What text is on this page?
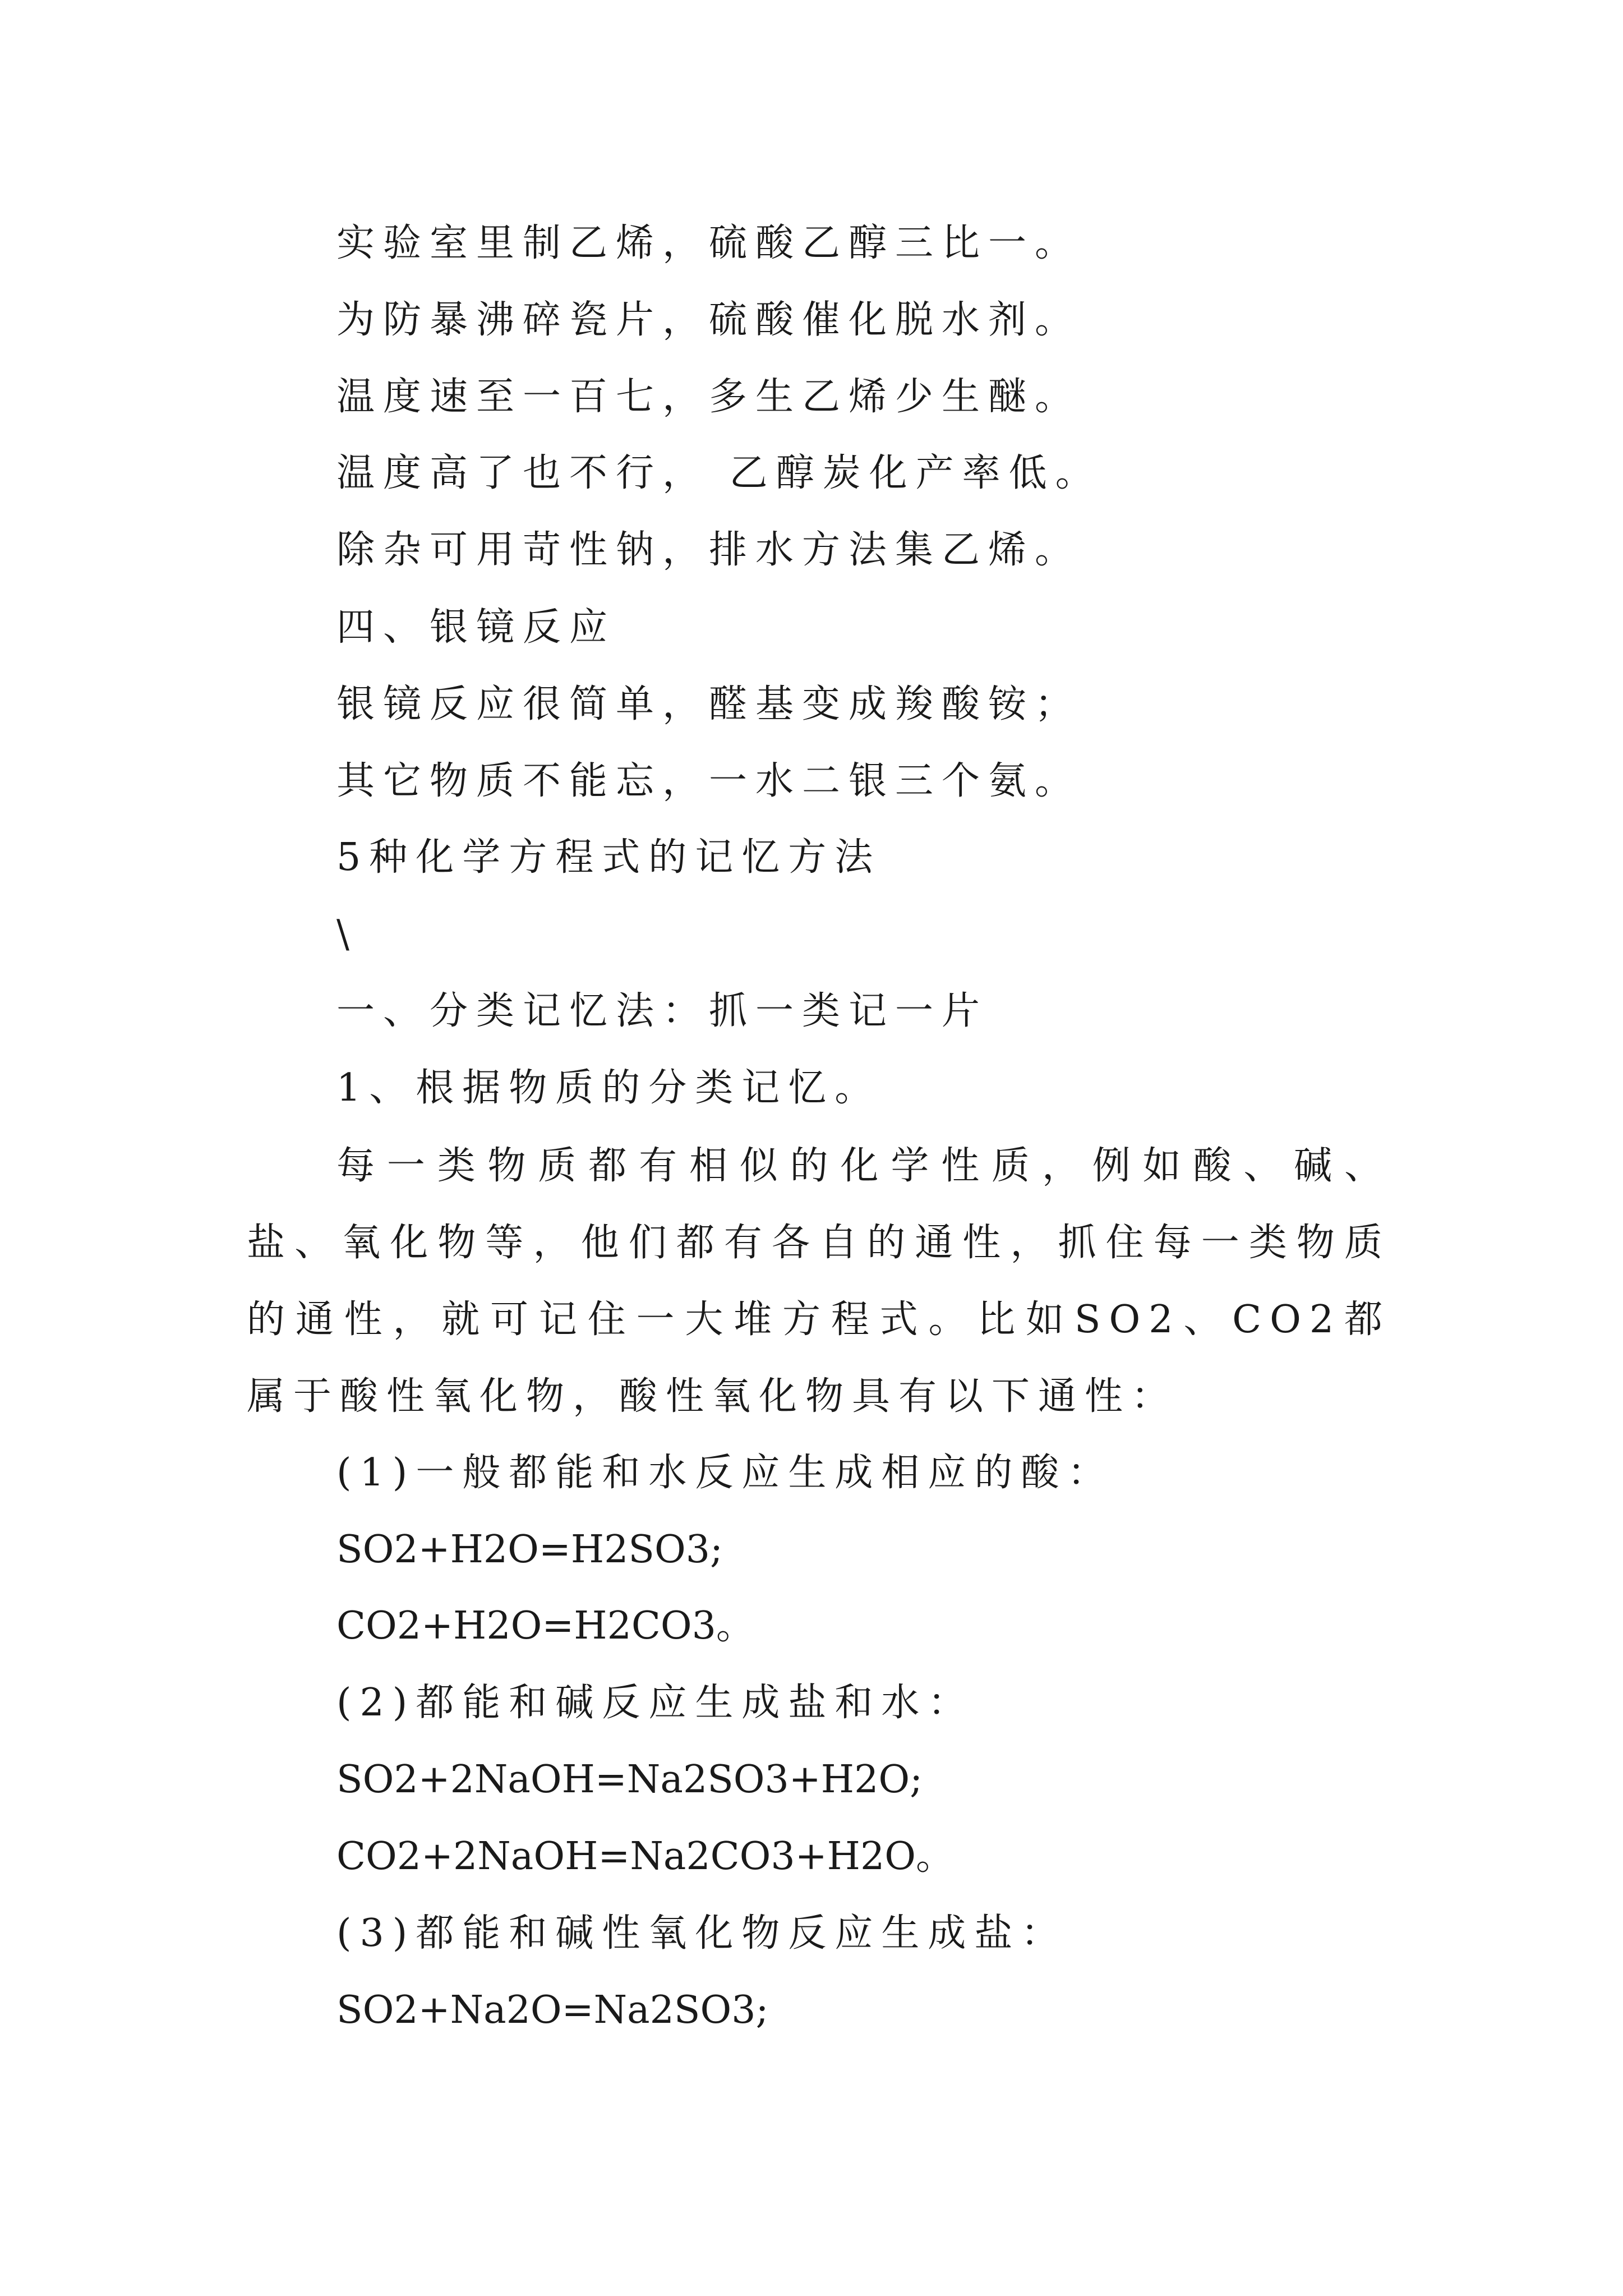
实验室里制乙烯，硫酸乙醇三比一。
为防暴沸碎瓷片，硫酸催化脱水剂。
温度速至一百七，多生乙烯少生醚。
温度高了也不行， 乙醇炭化产率低。
除杂可用苛性钠，排水方法集乙烯。
四、银镜反应
银镜反应很简单，醛基变成羧酸铵；
其它物质不能忘，一水二银三个氨。
5种化学方程式的记忆方法
\
一、分类记忆法：抓一类记一片
1、根据物质的分类记忆。
每一类物质都有相似的化学性质，例如酸、碱、盐、氧化物等，他们都有各自的通性，抓住每一类物质的通性，就可记住一大堆方程式。比如SO2、CO2都属于酸性氧化物，酸性氧化物具有以下通性：
(1)一般都能和水反应生成相应的酸：
SO2+H2O=H2SO3;
CO2+H2O=H2CO3。
(2)都能和碱反应生成盐和水：
SO2+2NaOH=Na2SO3+H2O;
CO2+2NaOH=Na2CO3+H2O。
(3)都能和碱性氧化物反应生成盐：
SO2+Na2O=Na2SO3;
